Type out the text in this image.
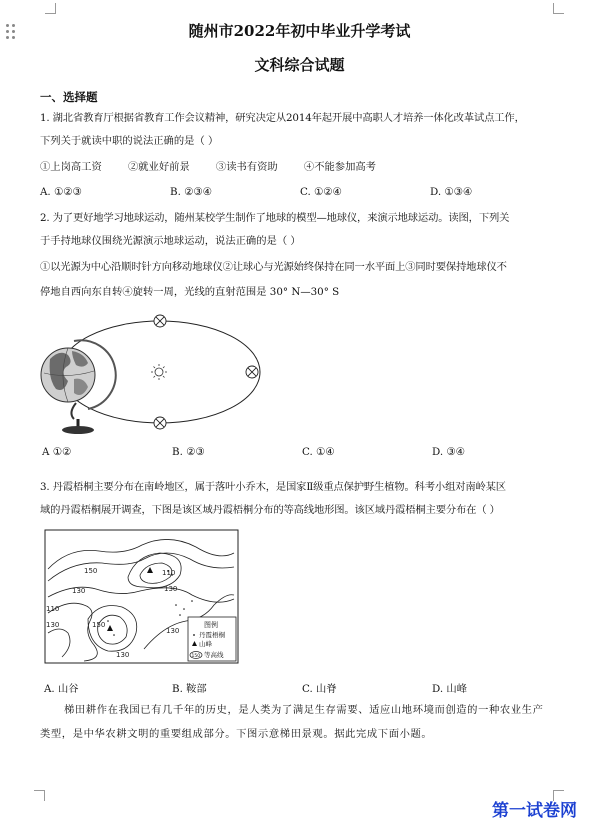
随州市2022年初中毕业升学考试
文科综合试题
一、选择题
1. 湖北省教育厅根据省教育工作会议精神，研究决定从2014年起开展中高职人才培养一体化改革试点工作，
下列关于就读中职的说法正确的是（ ）
①上岗高工资        ②就业好前景        ③读书有资助        ④不能参加高考
A. ①②③	B. ②③④	C. ①②④	D. ①③④
2. 为了更好地学习地球运动，随州某校学生制作了地球的模型—地球仪，来演示地球运动。读图，下列关
于手持地球仪围绕光源演示地球运动，说法正确的是（ ）
①以光源为中心沿顺时针方向移动地球仪②让球心与光源始终保持在同一水平面上③同时要保持地球仪不
停地自西向东自转④旋转一周，光线的直射范围是 30° N—30° S
A ①②	B. ②③	C. ①④	D. ③④
3. 丹霞梧桐主要分布在南岭地区，属于落叶小乔木，是国家Ⅱ级重点保护野生植物。科考小组对南岭某区
域的丹霞梧桐展开调查，下图是该区域丹霞梧桐分布的等高线地形图。该区域丹霞梧桐主要分布在（ ）
110
130
150
130
110
130	150
130
130
图例
丹霞梧桐
山峰
150 等高线
A. 山谷	B. 鞍部	C. 山脊	D. 山峰
梯田耕作在我国已有几千年的历史，是人类为了满足生存需要、适应山地环境而创造的一种农业生产
类型，是中华农耕文明的重要组成部分。下图示意梯田景观。据此完成下面小题。
第一试卷网
